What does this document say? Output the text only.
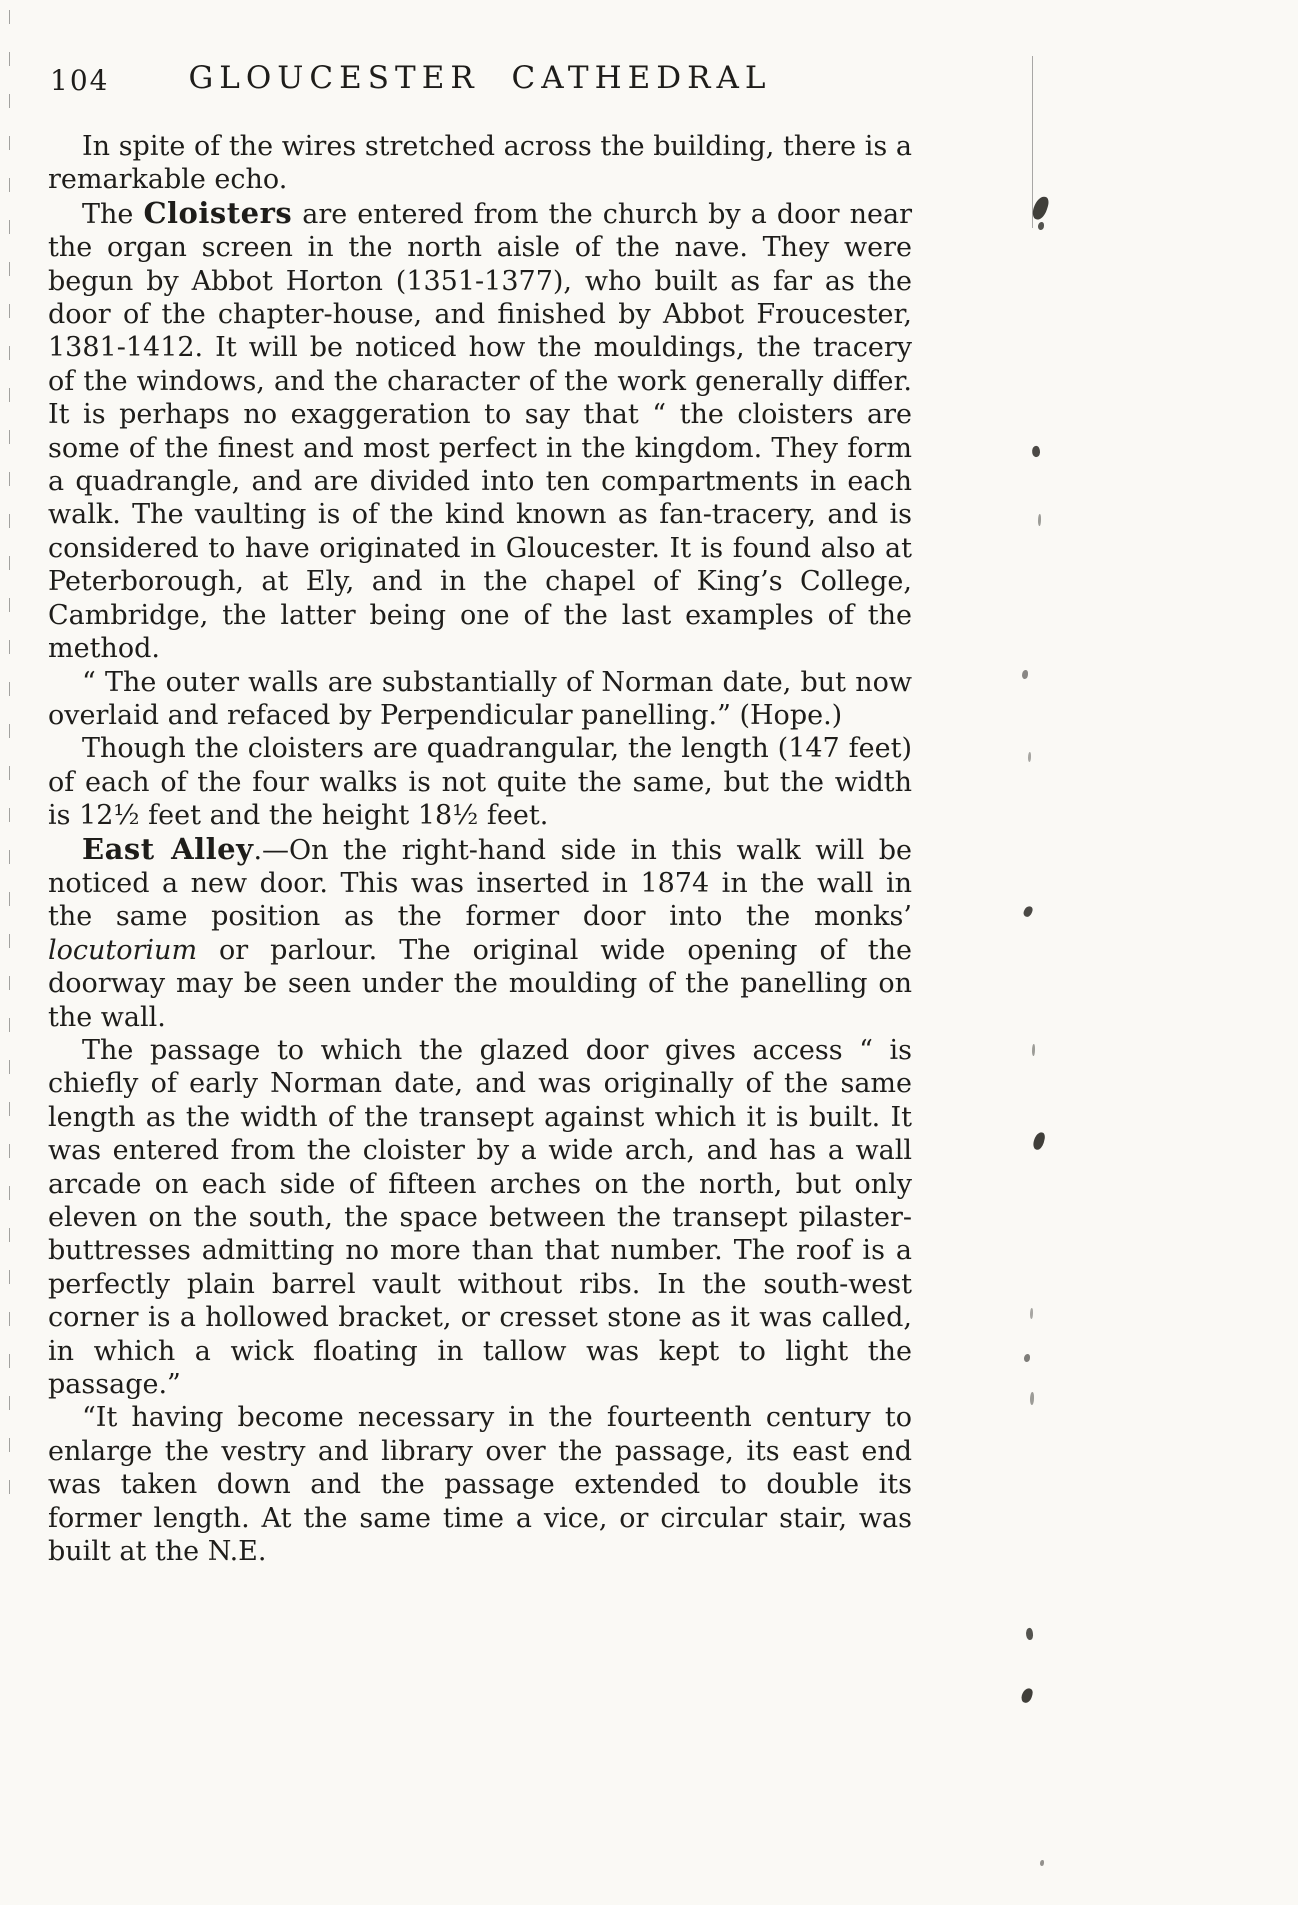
104	GLOUCESTER CATHEDRAL

In spite of the wires stretched across the building, there is a remarkable echo.

The Cloisters are entered from the church by a door near the organ screen in the north aisle of the nave. They were begun by Abbot Horton (1351-1377), who built as far as the door of the chapter-house, and finished by Abbot Froucester, 1381-1412. It will be noticed how the mouldings, the tracery of the windows, and the character of the work generally differ. It is perhaps no exaggeration to say that “ the cloisters are some of the finest and most perfect in the kingdom. They form a quadrangle, and are divided into ten compartments in each walk. The vaulting is of the kind known as fan-tracery, and is considered to have originated in Gloucester. It is found also at Peterborough, at Ely, and in the chapel of King’s College, Cambridge, the latter being one of the last examples of the method.

“ The outer walls are substantially of Norman date, but now overlaid and refaced by Perpendicular panelling.” (Hope.)

Though the cloisters are quadrangular, the length (147 feet) of each of the four walks is not quite the same, but the width is 12½ feet and the height 18½ feet.

East Alley.—On the right-hand side in this walk will be noticed a new door. This was inserted in 1874 in the wall in the same position as the former door into the monks’ locutorium or parlour. The original wide opening of the doorway may be seen under the moulding of the panelling on the wall.

The passage to which the glazed door gives access “ is chiefly of early Norman date, and was originally of the same length as the width of the transept against which it is built. It was entered from the cloister by a wide arch, and has a wall arcade on each side of fifteen arches on the north, but only eleven on the south, the space between the transept pilaster-buttresses admitting no more than that number. The roof is a perfectly plain barrel vault without ribs. In the south-west corner is a hollowed bracket, or cresset stone as it was called, in which a wick floating in tallow was kept to light the passage.”

“It having become necessary in the fourteenth century to enlarge the vestry and library over the passage, its east end was taken down and the passage extended to double its former length. At the same time a vice, or circular stair, was built at the N.E.
